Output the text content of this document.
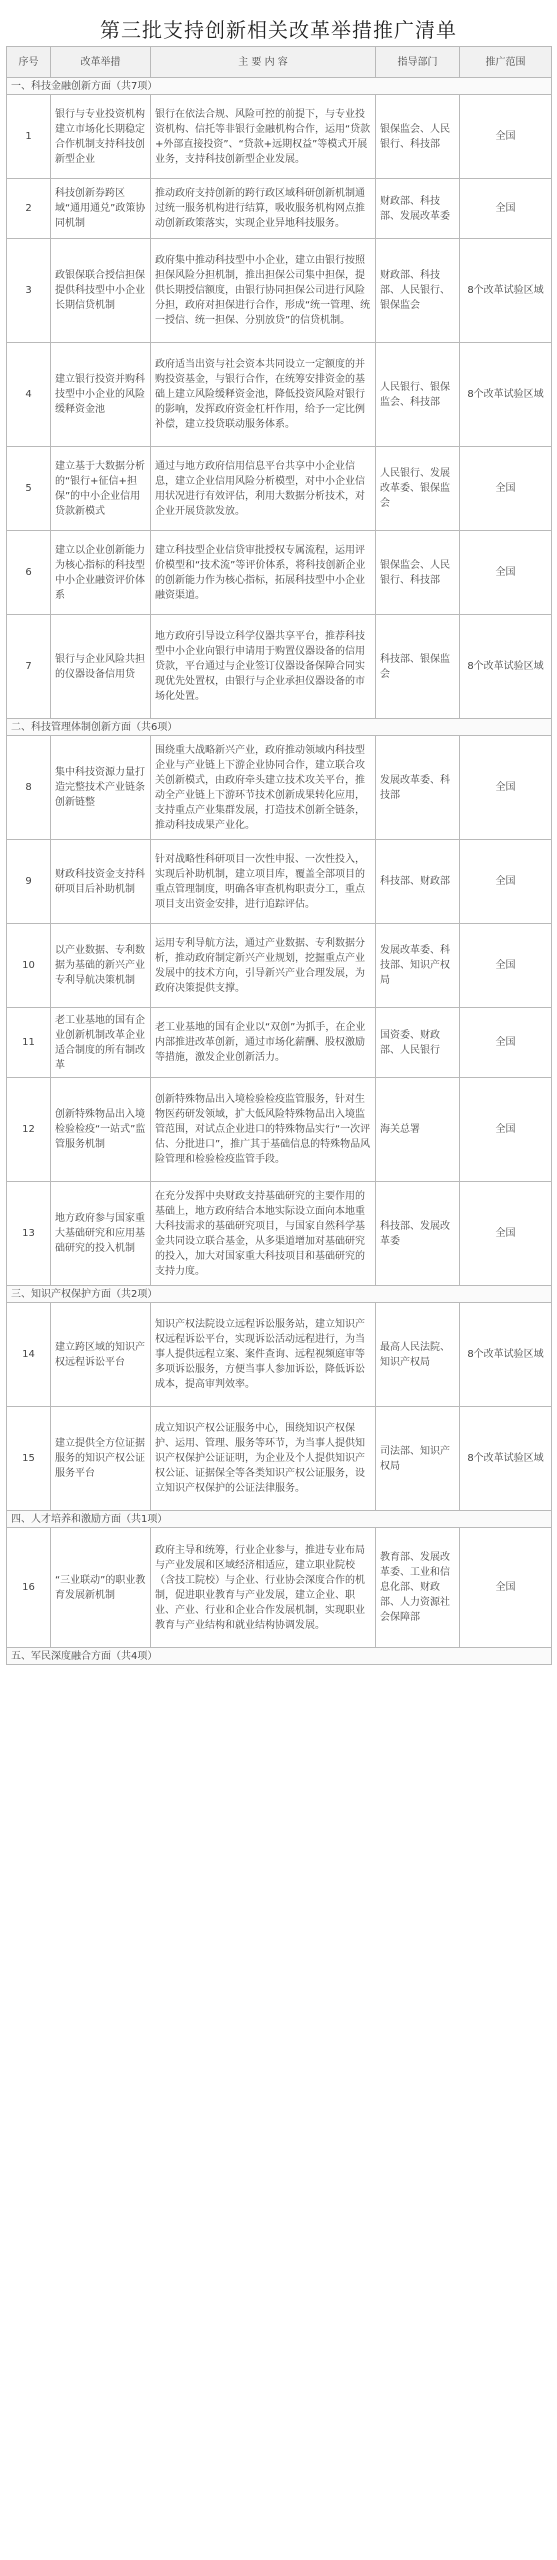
第三批支持创新相关改革举措推广清单
序号	改革举措	主 要 内 容	指导部门	推广范围
一、科技金融创新方面（共7项）				
1	银行与专业投资机构建立市场化长期稳定合作机制支持科技创新型企业	银行在依法合规、风险可控的前提下，与专业投资机构、信托等非银行金融机构合作，运用“贷款+外部直接投资”、“贷款+远期权益”等模式开展业务，支持科技创新型企业发展。	银保监会、人民银行、科技部	全国
2	科技创新券跨区域“通用通兑”政策协同机制	推动政府支持创新的跨行政区域科研创新机制通过统一服务机构进行结算，吸收服务机构网点推动创新政策落实，实现企业异地科技服务。	财政部、科技部、发展改革委	全国
3	政银保联合授信担保提供科技型中小企业长期信贷机制	政府集中推动科技型中小企业，建立由银行按照担保风险分担机制，推出担保公司集中担保，提供长期授信额度，由银行协同担保公司进行风险分担，政府对担保进行合作，形成“统一管理、统一授信、统一担保、分别放贷”的信贷机制。	财政部、科技部、人民银行、银保监会	8个改革试验区域
4	建立银行投资并购科技型中小企业的风险缓释资金池	政府适当出资与社会资本共同设立一定额度的并购投资基金，与银行合作，在统筹安排资金的基础上建立风险缓释资金池，降低投资风险对银行的影响，发挥政府资金杠杆作用，给予一定比例补偿，建立投贷联动服务体系。	人民银行、银保监会、科技部	8个改革试验区域
5	建立基于大数据分析的“银行+征信+担保”的中小企业信用贷款新模式	通过与地方政府信用信息平台共享中小企业信息，建立企业信用风险分析模型，对中小企业信用状况进行有效评估，利用大数据分析技术，对企业开展贷款发放。	人民银行、发展改革委、银保监会	全国
6	建立以企业创新能力为核心指标的科技型中小企业融资评价体系	建立科技型企业信贷审批授权专属流程，运用评价模型和“技术流”等评价体系，将科技创新企业的创新能力作为核心指标，拓展科技型中小企业融资渠道。	银保监会、人民银行、科技部	全国
7	银行与企业风险共担的仪器设备信用贷	地方政府引导设立科学仪器共享平台，推荐科技型中小企业向银行申请用于购置仪器设备的信用贷款，平台通过与企业签订仪器设备保障合同实现优先处置权，由银行与企业承担仪器设备的市场化处置。	科技部、银保监会	8个改革试验区域
二、科技管理体制创新方面（共6项）				
8	集中科技资源力量打造完整技术产业链条创新链整	围绕重大战略新兴产业，政府推动领域内科技型企业与产业链上下游企业协同合作，建立联合攻关创新模式，由政府牵头建立技术攻关平台，推动全产业链上下游环节技术创新成果转化应用，支持重点产业集群发展，打造技术创新全链条，推动科技成果产业化。	发展改革委、科技部	全国
9	财政科技资金支持科研项目后补助机制	针对战略性科研项目一次性申报、一次性投入，实现后补助机制，建立项目库，覆盖全部项目的重点管理制度，明确各审查机构职责分工，重点项目支出资金安排，进行追踪评估。	科技部、财政部	全国
10	以产业数据、专利数据为基础的新兴产业专利导航决策机制	运用专利导航方法，通过产业数据、专利数据分析，推动政府制定新兴产业规划，挖掘重点产业发展中的技术方向，引导新兴产业合理发展，为政府决策提供支撑。	发展改革委、科技部、知识产权局	全国
11	老工业基地的国有企业创新机制改革企业适合制度的所有制改革	老工业基地的国有企业以“双创”为抓手，在企业内部推进改革创新，通过市场化薪酬、股权激励等措施，激发企业创新活力。	国资委、财政部、人民银行	全国
12	创新特殊物品出入境检验检疫“一站式”监管服务机制	创新特殊物品出入境检验检疫监管服务，针对生物医药研发领域，扩大低风险特殊物品出入境监管范围，对试点企业进口的特殊物品实行“一次评估、分批进口”，推广其于基础信息的特殊物品风险管理和检验检疫监管手段。	海关总署	全国
13	地方政府参与国家重大基础研究和应用基础研究的投入机制	在充分发挥中央财政支持基础研究的主要作用的基础上，地方政府结合本地实际设立面向本地重大科技需求的基础研究项目，与国家自然科学基金共同设立联合基金，从多渠道增加对基础研究的投入，加大对国家重大科技项目和基础研究的支持力度。	科技部、发展改革委	全国
三、知识产权保护方面（共2项）				
14	建立跨区域的知识产权远程诉讼平台	知识产权法院设立远程诉讼服务站，建立知识产权远程诉讼平台，实现诉讼活动远程进行，为当事人提供远程立案、案件查询、远程视频庭审等多项诉讼服务，方便当事人参加诉讼，降低诉讼成本，提高审判效率。	最高人民法院、知识产权局	8个改革试验区域
15	建立提供全方位证据服务的知识产权公证服务平台	成立知识产权公证服务中心，围绕知识产权保护、运用、管理、服务等环节，为当事人提供知识产权保护公证证明，为企业及个人提供知识产权公证、证据保全等各类知识产权公证服务，设立知识产权保护的公证法律服务。	司法部、知识产权局	8个改革试验区域
四、人才培养和激励方面（共1项）				
16	“三业联动”的职业教育发展新机制	政府主导和统筹，行业企业参与，推进专业布局与产业发展和区域经济相适应，建立职业院校（含技工院校）与企业、行业协会深度合作的机制，促进职业教育与产业发展，建立企业、职业、产业、行业和企业合作发展机制，实现职业教育与产业结构和就业结构协调发展。	教育部、发展改革委、工业和信息化部、财政部、人力资源社会保障部	全国
五、军民深度融合方面（共4项）				
